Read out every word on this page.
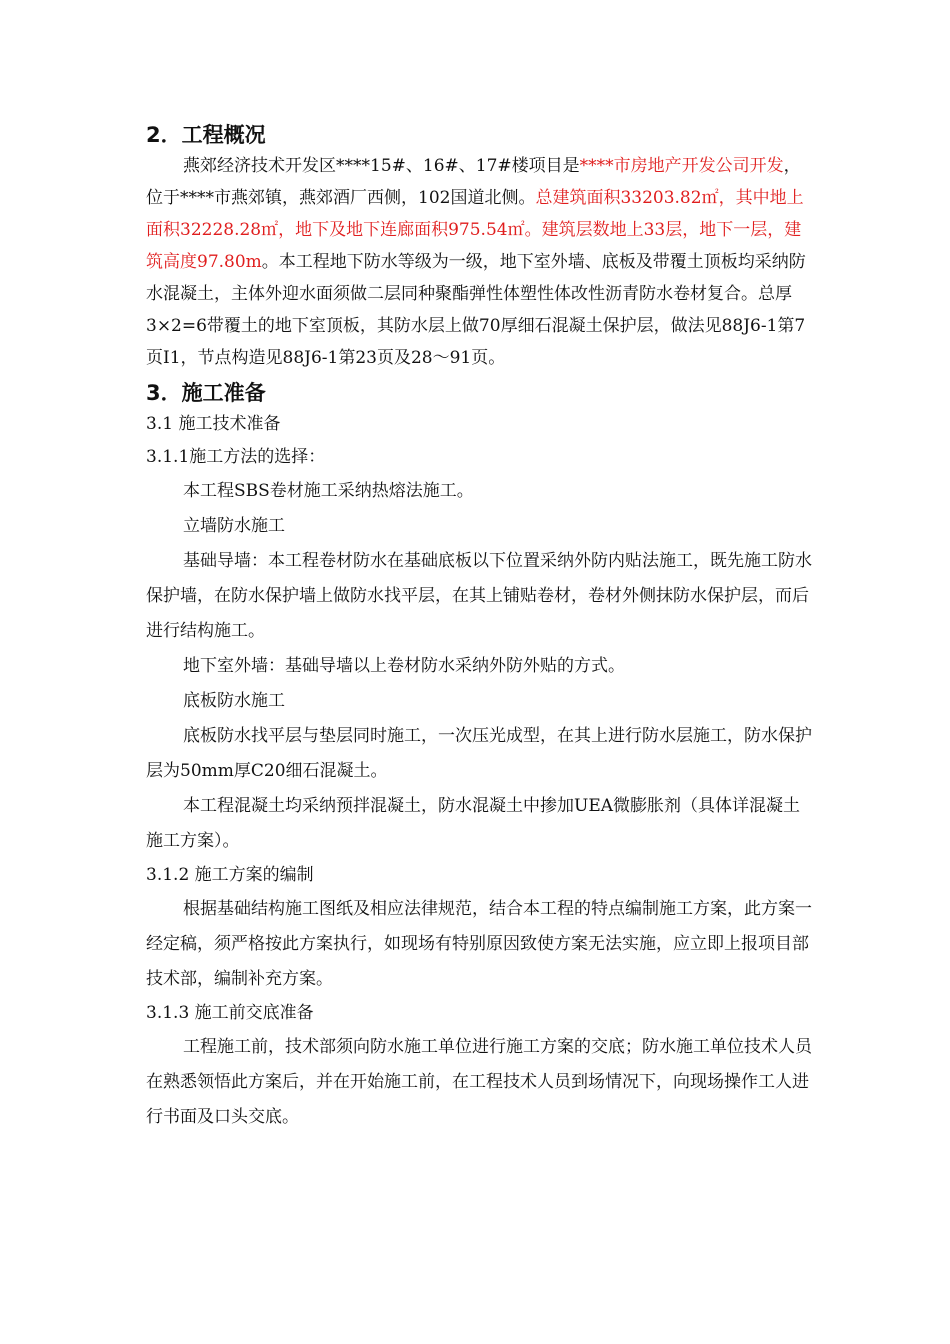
2．工程概况

燕郊经济技术开发区****15#、16#、17#楼项目是****市房地产开发公司开发，位于****市燕郊镇，燕郊酒厂西侧，102国道北侧。总建筑面积33203.82㎡，其中地上面积32228.28㎡，地下及地下连廊面积975.54㎡。建筑层数地上33层，地下一层，建筑高度97.80m。本工程地下防水等级为一级，地下室外墙、底板及带覆土顶板均采纳防水混凝土，主体外迎水面须做二层同种聚酯弹性体塑性体改性沥青防水卷材复合。总厚3×2=6带覆土的地下室顶板，其防水层上做70厚细石混凝土保护层，做法见88J6-1第7页I1，节点构造见88J6-1第23页及28～91页。

3．施工准备

3.1 施工技术准备

3.1.1施工方法的选择：

本工程SBS卷材施工采纳热熔法施工。

立墙防水施工

基础导墙：本工程卷材防水在基础底板以下位置采纳外防内贴法施工，既先施工防水保护墙，在防水保护墙上做防水找平层，在其上铺贴卷材，卷材外侧抹防水保护层，而后进行结构施工。

地下室外墙：基础导墙以上卷材防水采纳外防外贴的方式。

底板防水施工

底板防水找平层与垫层同时施工，一次压光成型，在其上进行防水层施工，防水保护层为50mm厚C20细石混凝土。

本工程混凝土均采纳预拌混凝土，防水混凝土中掺加UEA微膨胀剂（具体详混凝土施工方案）。

3.1.2 施工方案的编制

根据基础结构施工图纸及相应法律规范，结合本工程的特点编制施工方案，此方案一经定稿，须严格按此方案执行，如现场有特别原因致使方案无法实施，应立即上报项目部技术部，编制补充方案。

3.1.3 施工前交底准备

工程施工前，技术部须向防水施工单位进行施工方案的交底；防水施工单位技术人员在熟悉领悟此方案后，并在开始施工前，在工程技术人员到场情况下，向现场操作工人进行书面及口头交底。
